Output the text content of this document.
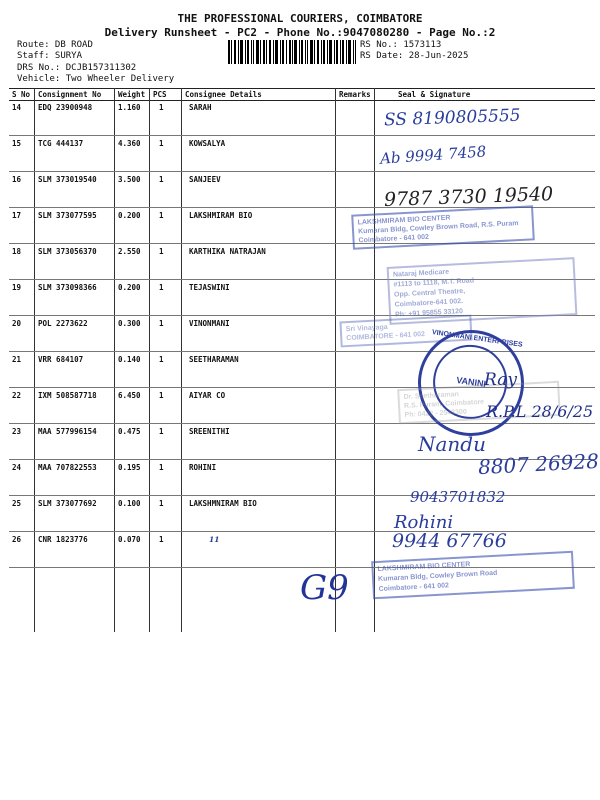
THE PROFESSIONAL COURIERS, COIMBATORE
Delivery Runsheet - PC2 - Phone No.:9047080280 - Page No.:2
Route: DB ROAD
Staff: SURYA
DRS No.: DCJB157311302
Vehicle: Two Wheeler Delivery
RS No.: 1573113
RS Date: 28-Jun-2025
S No Consignment No Weight PCS Consignee Details	Remarks	Seal & Signature
14 EDQ 23900948	1.160 1	SARAH
15 TCG 444137	4.360 1	KOWSALYA
16 SLM 373019540	3.500 1	SANJEEV
17 SLM 373077595	0.200 1	LAKSHMIRAM BIO
18 SLM 373056370	2.550 1	KARTHIKA NATRAJAN
19 SLM 373098366	0.200 1	TEJASWINI
20 POL 2273622	0.300 1	VINONMANI
21 VRR 684107	0.140 1	SEETHARAMAN
22 IXM 508587718	6.450 1	AIYAR CO
23 MAA 577996154	0.475 1	SREENITHI
24 MAA 707822553	0.195 1	ROHINI
25 SLM 373077692	0.100 1	LAKSHMNIRAM BIO
26 CNR 1823776	0.070 1	11
LAKSHMIRAM BIO CENTER
Kumaran Bldg, Cowley Brown Road, R.S. Puram
Coimbatore - 641 002
Nataraj Medicare
#1113 to 1118, M.T. Road
Opp. Central Theatre,
Coimbatore-641 002.
Ph: +91 95855 33120
Sri Vinayaga
COIMBATORE - 641 002 VINONMANI ENTERPRISES
VANINI
Dr. Seetharaman
R.S. Puram, Coimbatore
Ph: 0422 - 2543300
LAKSHMIRAM BIO CENTER
Kumaran Bldg, Cowley Brown Road
Coimbatore - 641 002
SS 8190805555
Ab 9994 7458
9787 3730 19540
Ray
R.P.L 28/6/25
Nandu
8807 26928
9043701832
Rohini
9944 67766
G9
